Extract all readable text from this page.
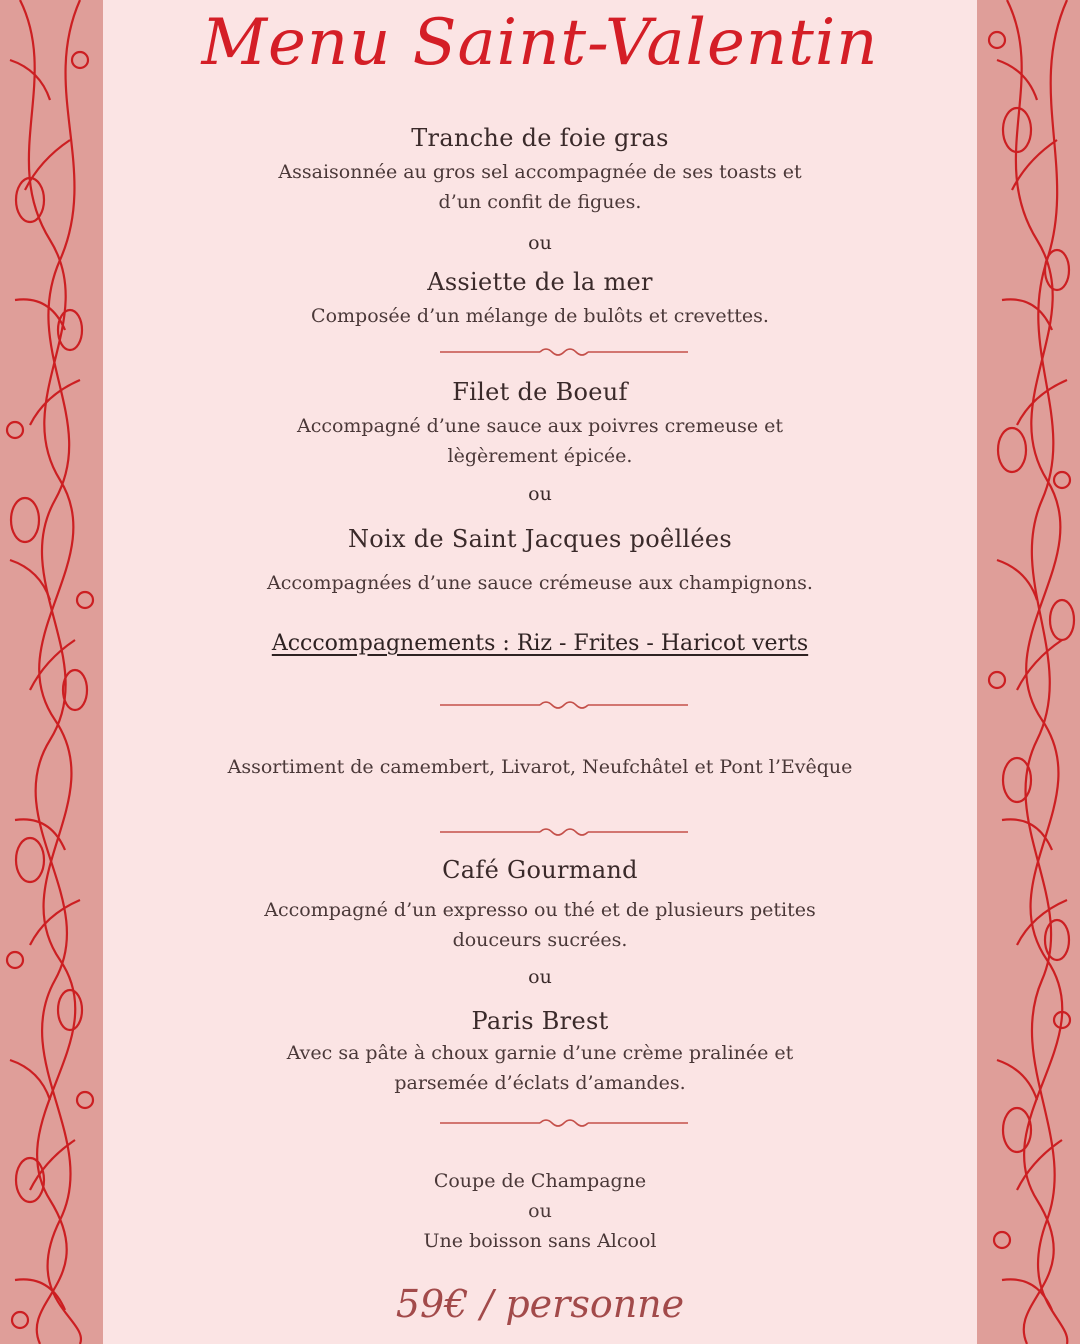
Menu Saint-Valentin
Tranche de foie gras
Assaisonnée au gros sel accompagnée de ses toasts et
d’un confit de figues.
ou
Assiette de la mer
Composée d’un mélange de bulôts et crevettes.
Filet de Boeuf
Accompagné d’une sauce aux poivres cremeuse et
lègèrement épicée.
ou
Noix de Saint Jacques poêllées
Accompagnées d’une sauce crémeuse aux champignons.
Acccompagnements : Riz - Frites - Haricot verts
Assortiment de camembert, Livarot, Neufchâtel et Pont l’Evêque
Café Gourmand
Accompagné d’un expresso ou thé et de plusieurs petites
douceurs sucrées.
ou
Paris Brest
Avec sa pâte à choux garnie d’une crème pralinée et
parsemée d’éclats d’amandes.
Coupe de Champagne
ou
Une boisson sans Alcool
59€ / personne
